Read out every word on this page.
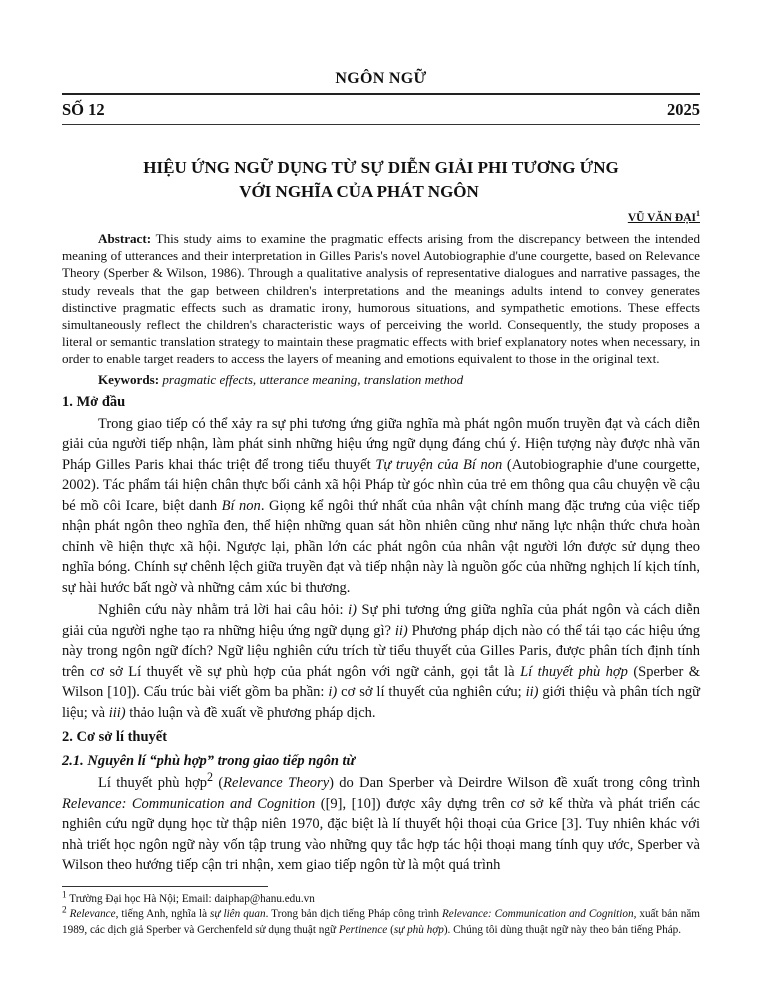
NGÔN NGỮ
SỐ 12	2025
HIỆU ỨNG NGỮ DỤNG TỪ SỰ DIỄN GIẢI PHI TƯƠNG ỨNG
VỚI NGHĨA CỦA PHÁT NGÔN
VŨ VĂN ĐẠI$^1$
Abstract: This study aims to examine the pragmatic effects arising from the discrepancy between the intended meaning of utterances and their interpretation in Gilles Paris's novel Autobiographie d'une courgette, based on Relevance Theory (Sperber & Wilson, 1986). Through a qualitative analysis of representative dialogues and narrative passages, the study reveals that the gap between children's interpretations and the meanings adults intend to convey generates distinctive pragmatic effects such as dramatic irony, humorous situations, and sympathetic emotions. These effects simultaneously reflect the children's characteristic ways of perceiving the world. Consequently, the study proposes a literal or semantic translation strategy to maintain these pragmatic effects with brief explanatory notes when necessary, in order to enable target readers to access the layers of meaning and emotions equivalent to those in the original text.
Keywords: pragmatic effects, utterance meaning, translation method
1. Mở đầu

Trong giao tiếp có thể xảy ra sự phi tương ứng giữa nghĩa mà phát ngôn muốn truyền đạt và cách diễn giải của người tiếp nhận, làm phát sinh những hiệu ứng ngữ dụng đáng chú ý. Hiện tượng này được nhà văn Pháp Gilles Paris khai thác triệt để trong tiểu thuyết Tự truyện của Bí non (Autobiographie d'une courgette, 2002). Tác phẩm tái hiện chân thực bối cảnh xã hội Pháp từ góc nhìn của trẻ em thông qua câu chuyện về cậu bé mồ côi Icare, biệt danh Bí non. Giọng kể ngôi thứ nhất của nhân vật chính mang đặc trưng của việc tiếp nhận phát ngôn theo nghĩa đen, thể hiện những quan sát hồn nhiên cũng như năng lực nhận thức chưa hoàn chỉnh về hiện thực xã hội. Ngược lại, phần lớn các phát ngôn của nhân vật người lớn được sử dụng theo nghĩa bóng. Chính sự chênh lệch giữa truyền đạt và tiếp nhận này là nguồn gốc của những nghịch lí kịch tính, sự hài hước bất ngờ và những cảm xúc bi thương.

Nghiên cứu này nhằm trả lời hai câu hỏi: i) Sự phi tương ứng giữa nghĩa của phát ngôn và cách diễn giải của người nghe tạo ra những hiệu ứng ngữ dụng gì? ii) Phương pháp dịch nào có thể tái tạo các hiệu ứng này trong ngôn ngữ đích? Ngữ liệu nghiên cứu trích từ tiểu thuyết của Gilles Paris, được phân tích định tính trên cơ sở Lí thuyết về sự phù hợp của phát ngôn với ngữ cảnh, gọi tắt là Lí thuyết phù hợp (Sperber & Wilson [10]). Cấu trúc bài viết gồm ba phần: i) cơ sở lí thuyết của nghiên cứu; ii) giới thiệu và phân tích ngữ liệu; và iii) thảo luận và đề xuất về phương pháp dịch.

2. Cơ sở lí thuyết
2.1. Nguyên lí “phù hợp” trong giao tiếp ngôn từ

Lí thuyết phù hợp$^2$ (Relevance Theory) do Dan Sperber và Deirdre Wilson đề xuất trong công trình Relevance: Communication and Cognition ([9], [10]) được xây dựng trên cơ sở kế thừa và phát triển các nghiên cứu ngữ dụng học từ thập niên 1970, đặc biệt là lí thuyết hội thoại của Grice [3]. Tuy nhiên khác với nhà triết học ngôn ngữ này vốn tập trung vào những quy tắc hợp tác hội thoại mang tính quy ước, Sperber và Wilson theo hướng tiếp cận tri nhận, xem giao tiếp ngôn từ là một quá trình

$^1$ Trường Đại học Hà Nội; Email: daiphap@hanu.edu.vn

$^2$ Relevance, tiếng Anh, nghĩa là sự liên quan. Trong bản dịch tiếng Pháp công trình Relevance: Communication and Cognition, xuất bản năm 1989, các dịch giả Sperber và Gerchenfeld sử dụng thuật ngữ Pertinence (sự phù hợp). Chúng tôi dùng thuật ngữ này theo bản tiếng Pháp.
